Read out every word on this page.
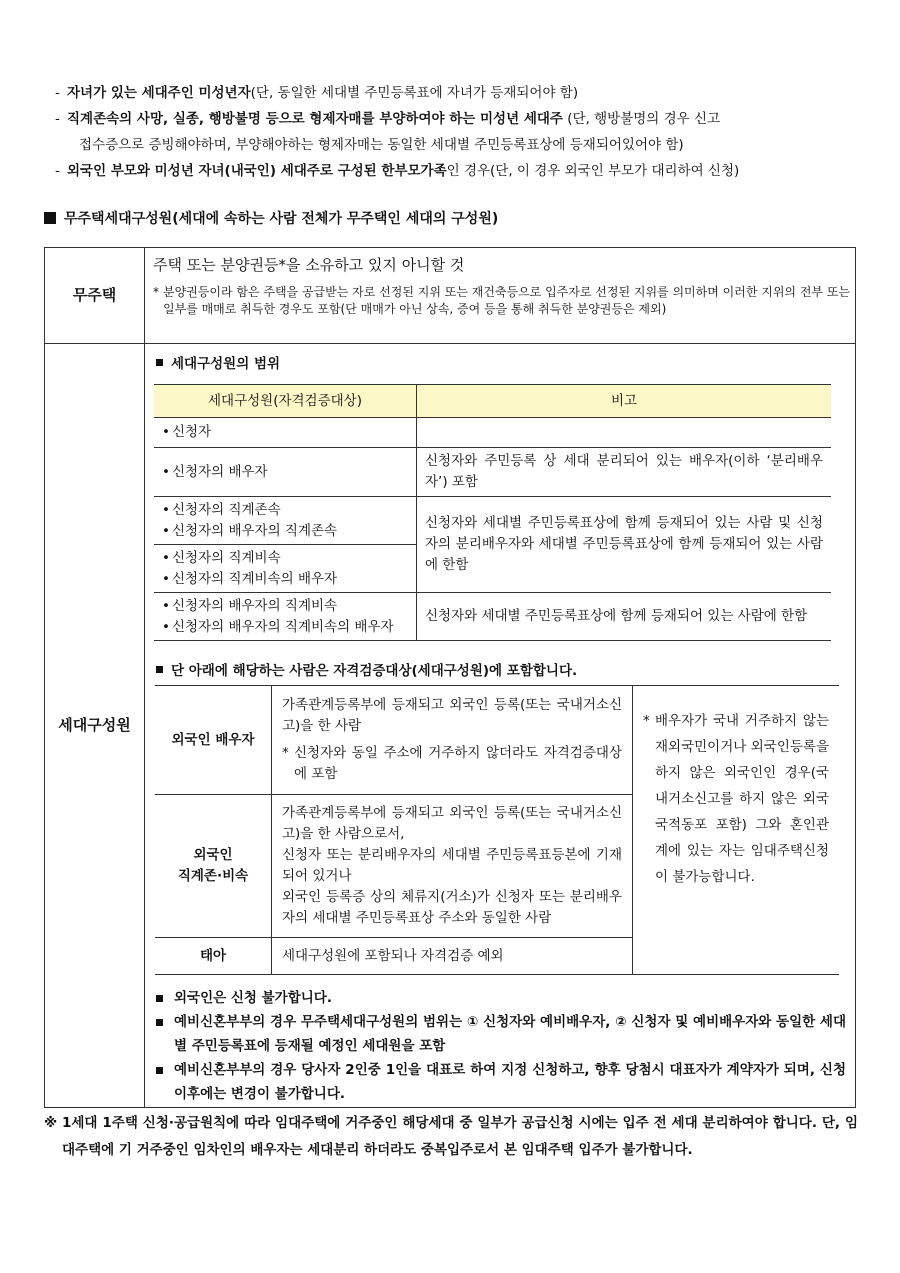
- 자녀가 있는 세대주인 미성년자(단, 동일한 세대별 주민등록표에 자녀가 등재되어야 함)
- 직계존속의 사망, 실종, 행방불명 등으로 형제자매를 부양하여야 하는 미성년 세대주 (단, 행방불명의 경우 신고
접수증으로 증빙해야하며, 부양해야하는 형제자매는 동일한 세대별 주민등록표상에 등재되어있어야 함)
- 외국인 부모와 미성년 자녀(내국인) 세대주로 구성된 한부모가족인 경우(단, 이 경우 외국인 부모가 대리하여 신청)
무주택세대구성원(세대에 속하는 사람 전체가 무주택인 세대의 구성원)
무주택
주택 또는 분양권등*을 소유하고 있지 아니할 것
* 분양권등이라 함은 주택을 공급받는 자로 선정된 지위 또는 재건축등으로 입주자로 선정된 지위를 의미하며 이러한 지위의 전부 또는 일부를 매매로 취득한 경우도 포함(단 매매가 아닌 상속, 증여 등을 통해 취득한 분양권등은 제외)
세대구성원
세대구성원의 범위
세대구성원(자격검증대상)	비고

• 신청자

• 신청자의 배우자	신청자와 주민등록 상 세대 분리되어 있는 배우자(이하 ‘분리배우자’) 포함

• 신청자의 직계존속
• 신청자의 배우자의 직계존속	신청자와 세대별 주민등록표상에 함께 등재되어 있는 사람 및 신청자의 분리배우자와 세대별 주민등록표상에 함께 등재되어 있는 사람에 한함

• 신청자의 직계비속
• 신청자의 직계비속의 배우자

• 신청자의 배우자의 직계비속
• 신청자의 배우자의 직계비속의 배우자	신청자와 세대별 주민등록표상에 함께 등재되어 있는 사람에 한함
단 아래에 해당하는 사람은 자격검증대상(세대구성원)에 포함합니다.
외국인 배우자	가족관계등록부에 등재되고 외국인 등록(또는 국내거소신고)을 한 사람
* 신청자와 동일 주소에 거주하지 않더라도 자격검증대상에 포함	* 배우자가 국내 거주하지 않는 재외국민이거나 외국인등록을 하지 않은 외국인인 경우(국내거소신고를 하지 않은 외국국적동포 포함) 그와 혼인관계에 있는 자는 임대주택신청이 불가능합니다.

외국인
직계존·비속	가족관계등록부에 등재되고 외국인 등록(또는 국내거소신고)을 한 사람으로서,
신청자 또는 분리배우자의 세대별 주민등록표등본에 기재되어 있거나
외국인 등록증 상의 체류지(거소)가 신청자 또는 분리배우자의 세대별 주민등록표상 주소와 동일한 사람	

태아	세대구성원에 포함되나 자격검증 예외	
외국인은 신청 불가합니다.
예비신혼부부의 경우 무주택세대구성원의 범위는 ① 신청자와 예비배우자, ② 신청자 및 예비배우자와 동일한 세대별 주민등록표에 등재될 예정인 세대원을 포함
예비신혼부부의 경우 당사자 2인중 1인을 대표로 하여 지정 신청하고, 향후 당첨시 대표자가 계약자가 되며, 신청이후에는 변경이 불가합니다.
※ 1세대 1주택 신청·공급원칙에 따라 임대주택에 거주중인 해당세대 중 일부가 공급신청 시에는 입주 전 세대 분리하여야 합니다. 단, 임대주택에 기 거주중인 임차인의 배우자는 세대분리 하더라도 중복입주로서 본 임대주택 입주가 불가합니다.
